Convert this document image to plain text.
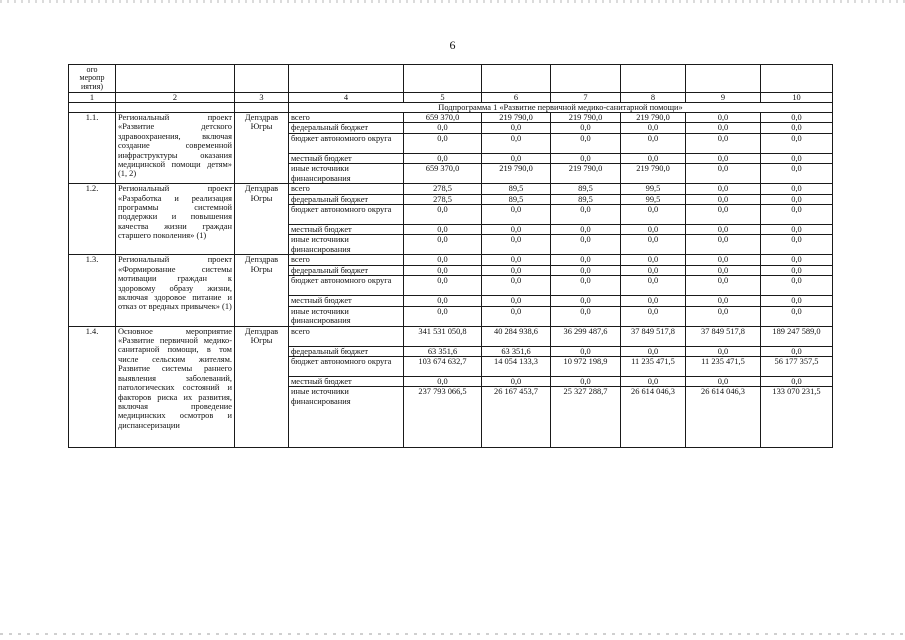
6
ого
меропр
иятия)									

1	2	3	4	5	6	7	8	9	10
			Подпрограмма 1 «Развитие первичной медико-санитарной помощи»						
1.1.	Региональный проект «Развитие детского здравоохранения, включая создание современной инфраструктуры оказания медицинской помощи детям» (1, 2)	Депздрав Югры	всего	659 370,0	219 790,0	219 790,0	219 790,0	0,0	0,0
			федеральный бюджет	0,0	0,0	0,0	0,0	0,0	0,0
			бюджет автономного округа	0,0	0,0	0,0	0,0	0,0	0,0
			местный бюджет	0,0	0,0	0,0	0,0	0,0	0,0
			иные источники финансирования	659 370,0	219 790,0	219 790,0	219 790,0	0,0	0,0
1.2.	Региональный проект «Разработка и реализация программы системной поддержки и повышения качества жизни граждан старшего поколения» (1)	Депздрав Югры	всего	278,5	89,5	89,5	99,5	0,0	0,0
			федеральный бюджет	278,5	89,5	89,5	99,5	0,0	0,0
			бюджет автономного округа	0,0	0,0	0,0	0,0	0,0	0,0
			местный бюджет	0,0	0,0	0,0	0,0	0,0	0,0
			иные источники финансирования	0,0	0,0	0,0	0,0	0,0	0,0
1.3.	Региональный проект «Формирование системы мотивации граждан к здоровому образу жизни, включая здоровое питание и отказ от вредных привычек» (1)	Депздрав Югры	всего	0,0	0,0	0,0	0,0	0,0	0,0
			федеральный бюджет	0,0	0,0	0,0	0,0	0,0	0,0
			бюджет автономного округа	0,0	0,0	0,0	0,0	0,0	0,0
			местный бюджет	0,0	0,0	0,0	0,0	0,0	0,0
			иные источники финансирования	0,0	0,0	0,0	0,0	0,0	0,0
1.4.	Основное мероприятие «Развитие первичной медико-санитарной помощи, в том числе сельским жителям. Развитие системы раннего выявления заболеваний, патологических состояний и факторов риска их развития, включая проведение медицинских осмотров и диспансеризации	Депздрав Югры	всего	341 531 050,8	40 284 938,6	36 299 487,6	37 849 517,8	37 849 517,8	189 247 589,0
			федеральный бюджет	63 351,6	63 351,6	0,0	0,0	0,0	0,0
			бюджет автономного округа	103 674 632,7	14 054 133,3	10 972 198,9	11 235 471,5	11 235 471,5	56 177 357,5
			местный бюджет	0,0	0,0	0,0	0,0	0,0	0,0
			иные источники финансирования	237 793 066,5	26 167 453,7	25 327 288,7	26 614 046,3	26 614 046,3	133 070 231,5
